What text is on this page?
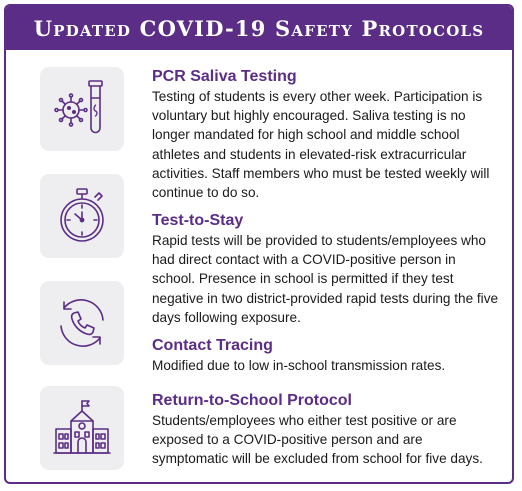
Updated COVID-19 Safety Protocols

PCR Saliva Testing

Testing of students is every other week. Participation is voluntary but highly encouraged. Saliva testing is no longer mandated for high school and middle school athletes and students in elevated-risk extracurricular activities. Staff members who must be tested weekly will continue to do so.

Test-to-Stay

Rapid tests will be provided to students/employees who had direct contact with a COVID-positive person in school. Presence in school is permitted if they test negative in two district-provided rapid tests during the five days following exposure.

Contact Tracing

Modified due to low in-school transmission rates.

Return-to-School Protocol

Students/employees who either test positive or are exposed to a COVID-positive person and are symptomatic will be excluded from school for five days.
